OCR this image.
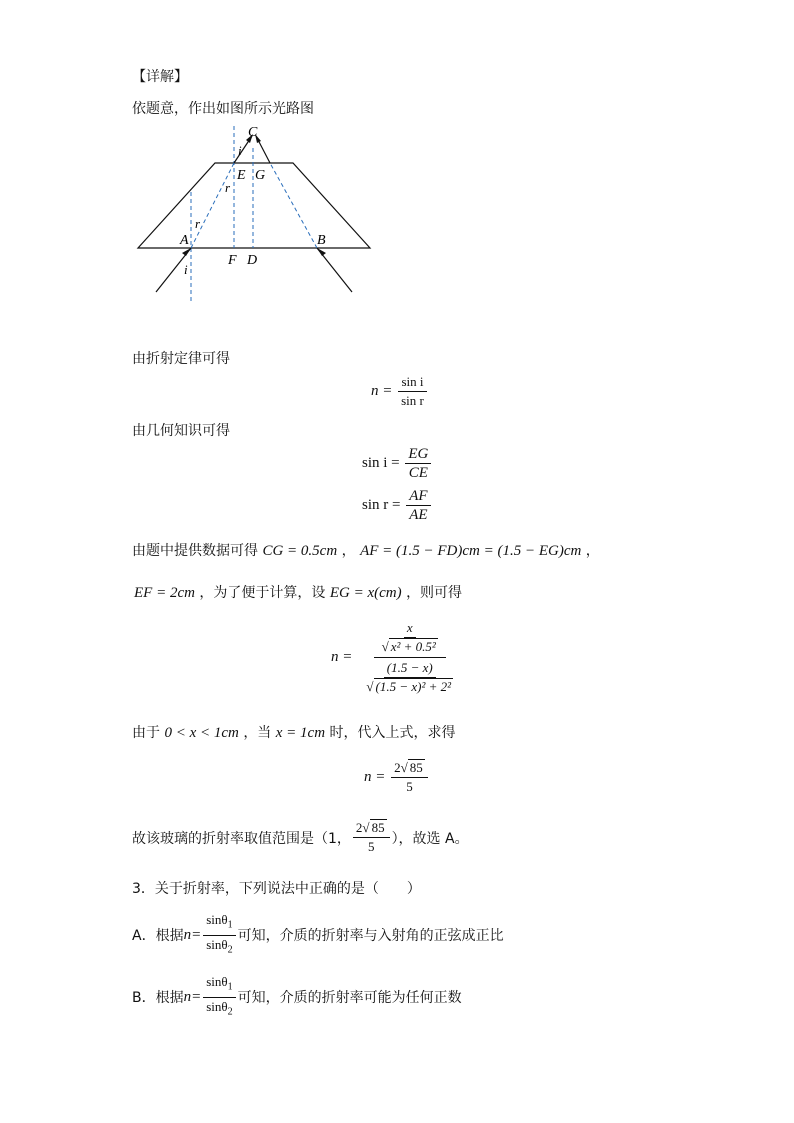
【详解】
依题意，作出如图所示光路图
C
i
E G
r
r
A	B
i
F D
由折射定律可得
$n = \frac{\text{sin i}}{\text{sin r}}$
由几何知识可得
$\sin i = \frac{EG}{CE}$
$\sin r = \frac{AF}{AE}$
由题中提供数据可得 CG = 0.5cm ， AF = (1.5 − FD)cm = (1.5 − EG)cm ，
EF = 2cm ，为了便于计算，设 EG = x(cm) ，则可得
$n = \frac{\frac{x}{\text{√ x² + 0.5²}}}{\frac{(1.5 - x)}{\text{√ (1.5 − x)² + 2²}}}$
由于 0 < x < 1cm ，当 x = 1cm 时，代入上式，求得
$n = \frac{2√ 85}{5}$
故该玻璃的折射率取值范围是（1， $\frac{2√ 85}{5}$ ），故选 A。
3．关于折射率，下列说法中正确的是（　　）
A．根据 $n= \frac{\sin\theta_1}{\sin\theta_2}$ 可知，介质的折射率与入射角的正弦成正比
B．根据 $n= \frac{\sin\theta_1}{\sin\theta_2}$ 可知，介质的折射率可能为任何正数
